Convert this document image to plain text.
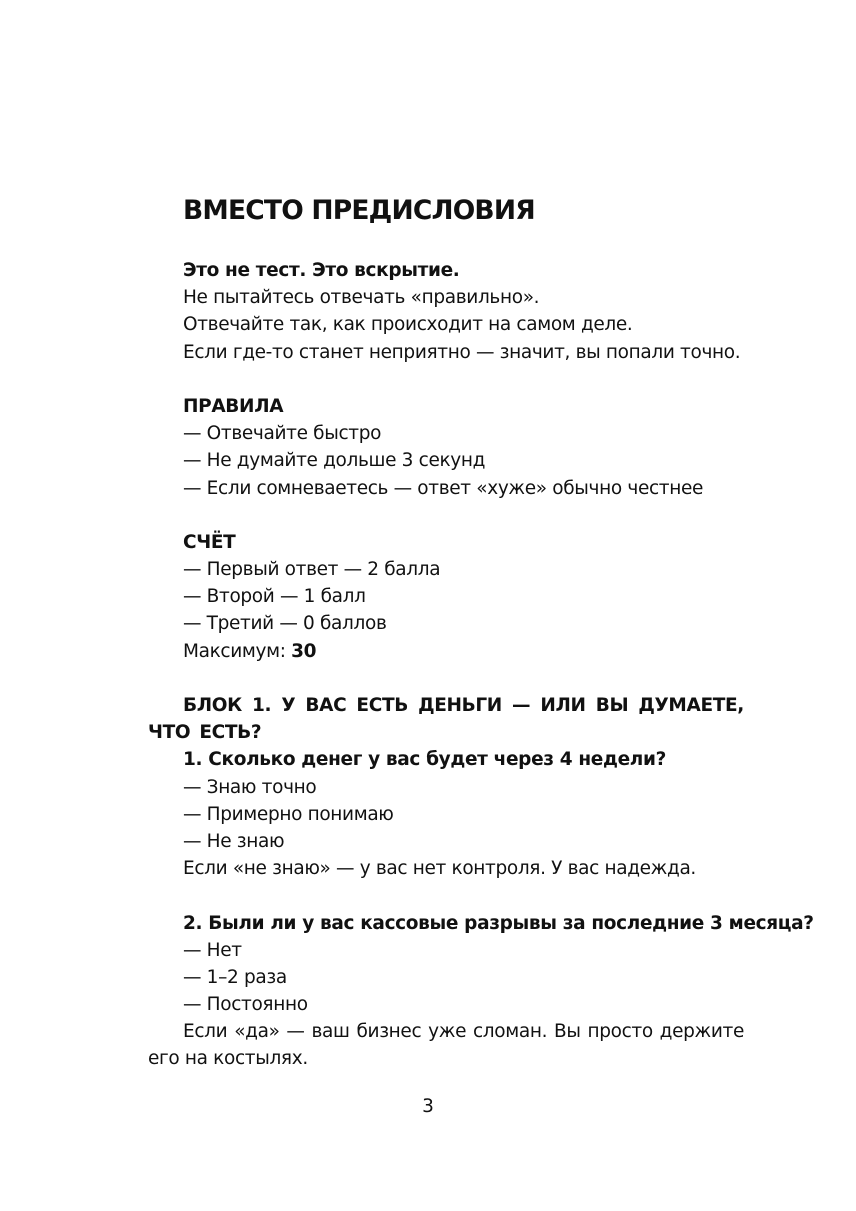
ВМЕСТО ПРЕДИСЛОВИЯ
Это не тест. Это вскрытие.
Не пытайтесь отвечать «правильно».
Отвечайте так, как происходит на самом деле.
Если где-то станет неприятно — значит, вы попали точно.
ПРАВИЛА
— Отвечайте быстро
— Не думайте дольше 3 секунд
— Если сомневаетесь — ответ «хуже» обычно честнее
СЧЁТ
— Первый ответ — 2 балла
— Второй — 1 балл
— Третий — 0 баллов
Максимум: 30

БЛОК 1. У ВАС ЕСТЬ ДЕНЬГИ — ИЛИ ВЫ ДУМАЕТЕ, ЧТО ЕСТЬ?

1. Сколько денег у вас будет через 4 недели?
— Знаю точно
— Примерно понимаю
— Не знаю
Если «не знаю» — у вас нет контроля. У вас надежда.
2. Были ли у вас кассовые разрывы за последние 3 месяца?
— Нет
— 1–2 раза
— Постоянно

Если «да» — ваш бизнес уже сломан. Вы просто держите его на костылях.

3
